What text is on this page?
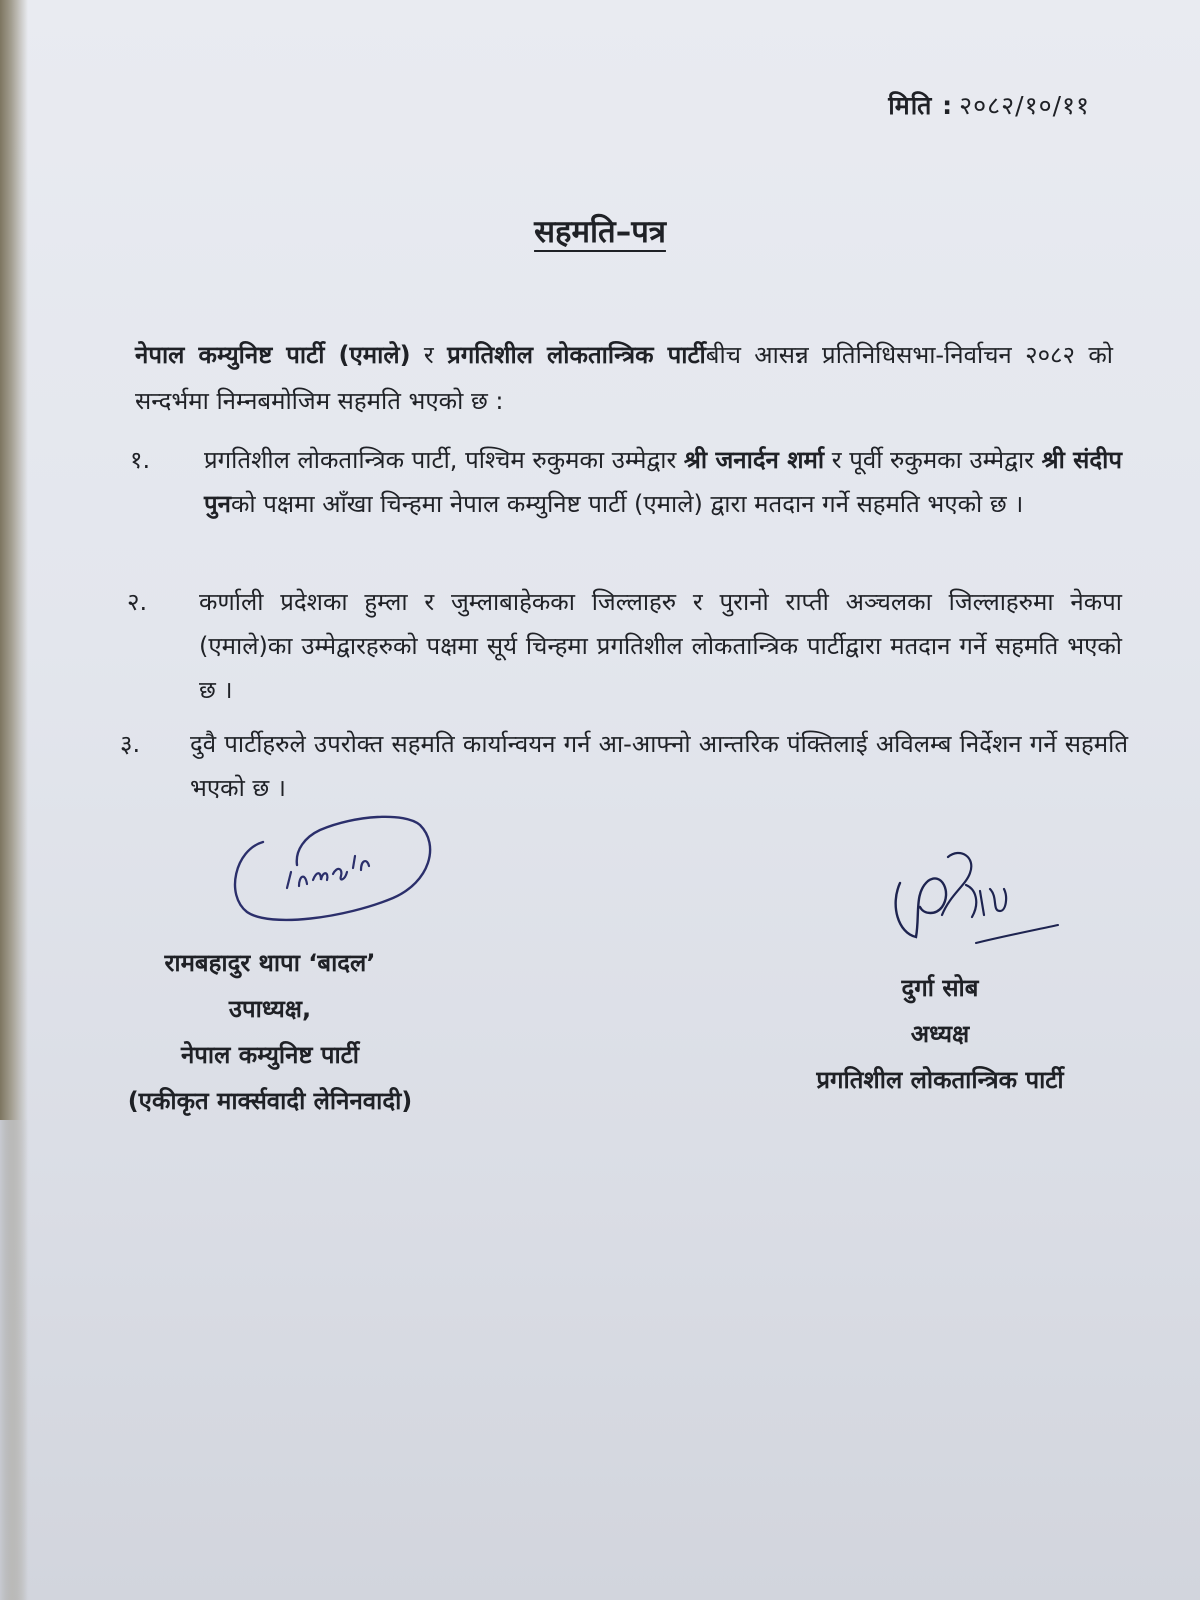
मिति : २०८२/१०/११
सहमति–पत्र
नेपाल कम्युनिष्ट पार्टी (एमाले) र प्रगतिशील लोकतान्त्रिक पार्टीबीच आसन्न प्रतिनिधिसभा-निर्वाचन २०८२ को सन्दर्भमा निम्नबमोजिम सहमति भएको छ :
१.	प्रगतिशील लोकतान्त्रिक पार्टी, पश्चिम रुकुमका उम्मेद्वार श्री जनार्दन शर्मा र पूर्वी रुकुमका उम्मेद्वार श्री संदीप पुनको पक्षमा आँखा चिन्हमा नेपाल कम्युनिष्ट पार्टी (एमाले) द्वारा मतदान गर्ने सहमति भएको छ ।
२.	कर्णाली प्रदेशका हुम्ला र जुम्लाबाहेकका जिल्लाहरु र पुरानो राप्ती अञ्चलका जिल्लाहरुमा नेकपा (एमाले)का उम्मेद्वारहरुको पक्षमा सूर्य चिन्हमा प्रगतिशील लोकतान्त्रिक पार्टीद्वारा मतदान गर्ने सहमति भएको छ ।
३.	दुवै पार्टीहरुले उपरोक्त सहमति कार्यान्वयन गर्न आ-आफ्नो आन्तरिक पंक्तिलाई अविलम्ब निर्देशन गर्ने सहमति भएको छ ।
रामबहादुर थापा ‘बादल’
उपाध्यक्ष,
नेपाल कम्युनिष्ट पार्टी
(एकीकृत मार्क्सवादी लेनिनवादी)
दुर्गा सोब
अध्यक्ष
प्रगतिशील लोकतान्त्रिक पार्टी
